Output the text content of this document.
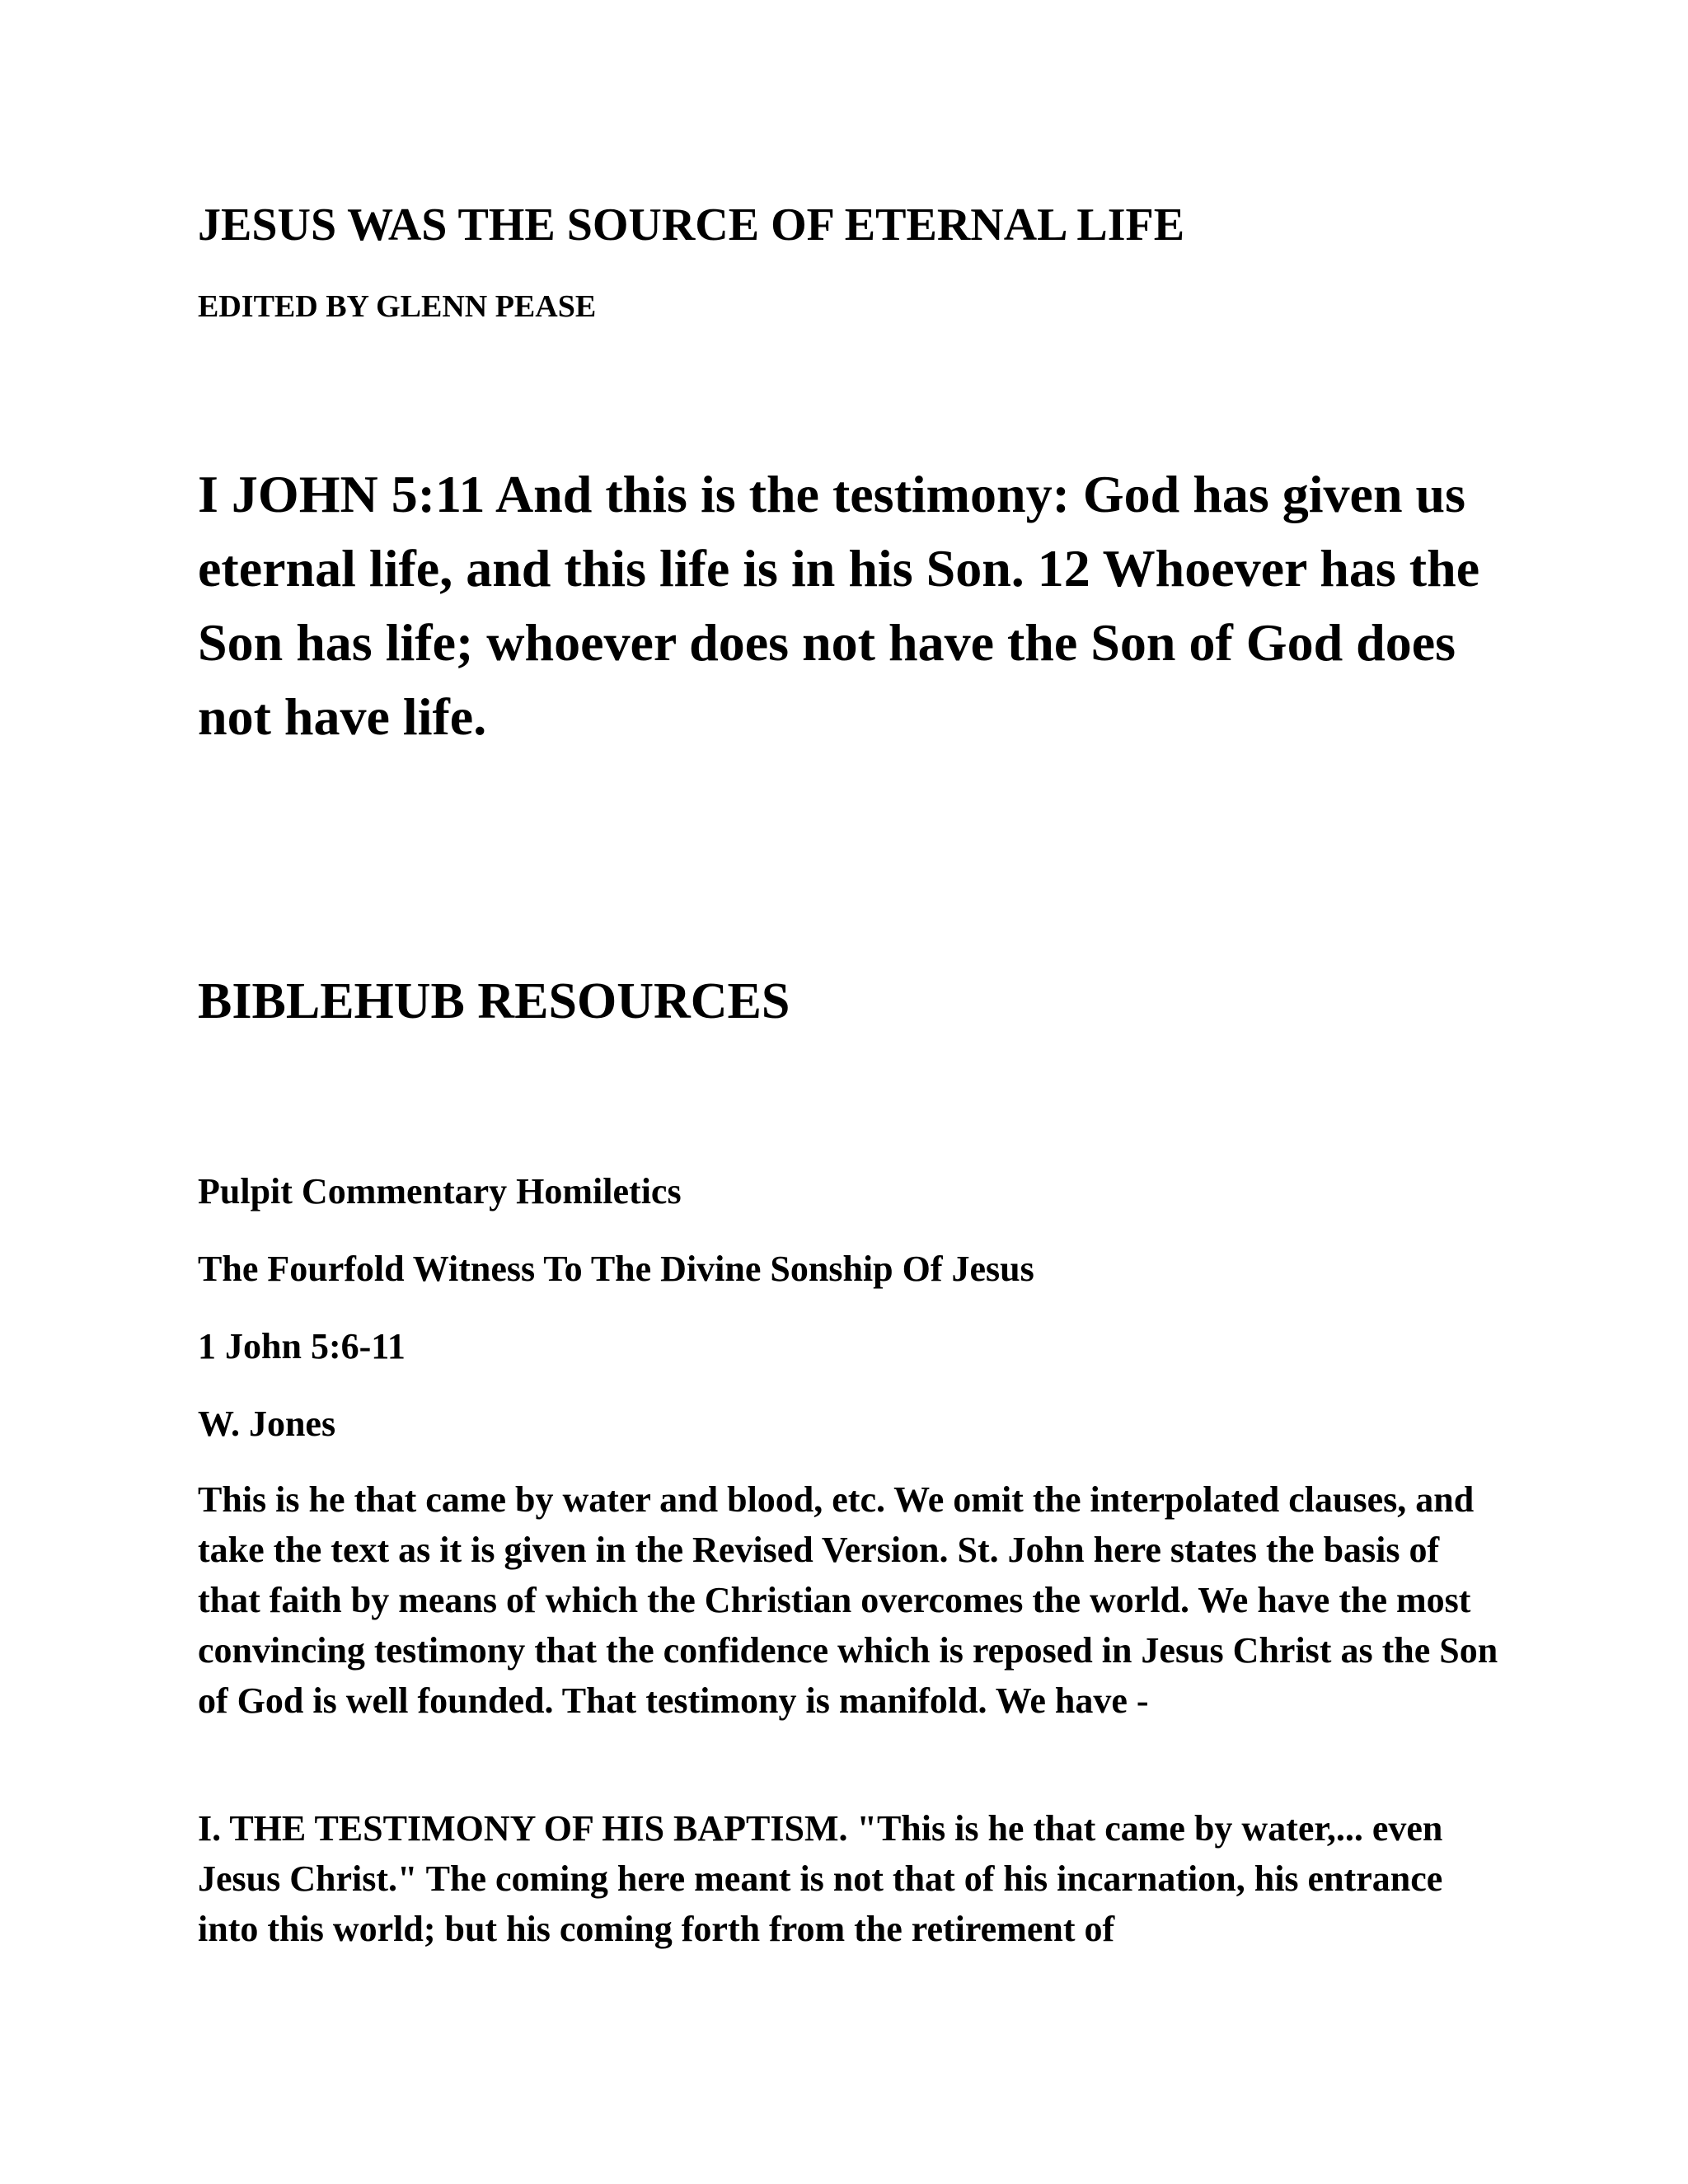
JESUS WAS THE SOURCE OF ETERNAL LIFE
EDITED BY GLENN PEASE

I JOHN 5:11 And this is the testimony: God has given us eternal life, and this life is in his Son. 12 Whoever has the Son has life; whoever does not have the Son of God does not have life.

BIBLEHUB RESOURCES
Pulpit Commentary Homiletics
The Fourfold Witness To The Divine Sonship Of Jesus
1 John 5:6-11
W. Jones

This is he that came by water and blood, etc. We omit the interpolated clauses, and take the text as it is given in the Revised Version. St. John here states the basis of that faith by means of which the Christian overcomes the world. We have the most convincing testimony that the confidence which is reposed in Jesus Christ as the Son of God is well founded. That testimony is manifold. We have -

I. THE TESTIMONY OF HIS BAPTISM. "This is he that came by water,... even Jesus Christ." The coming here meant is not that of his incarnation, his entrance into this world; but his coming forth from the retirement of
